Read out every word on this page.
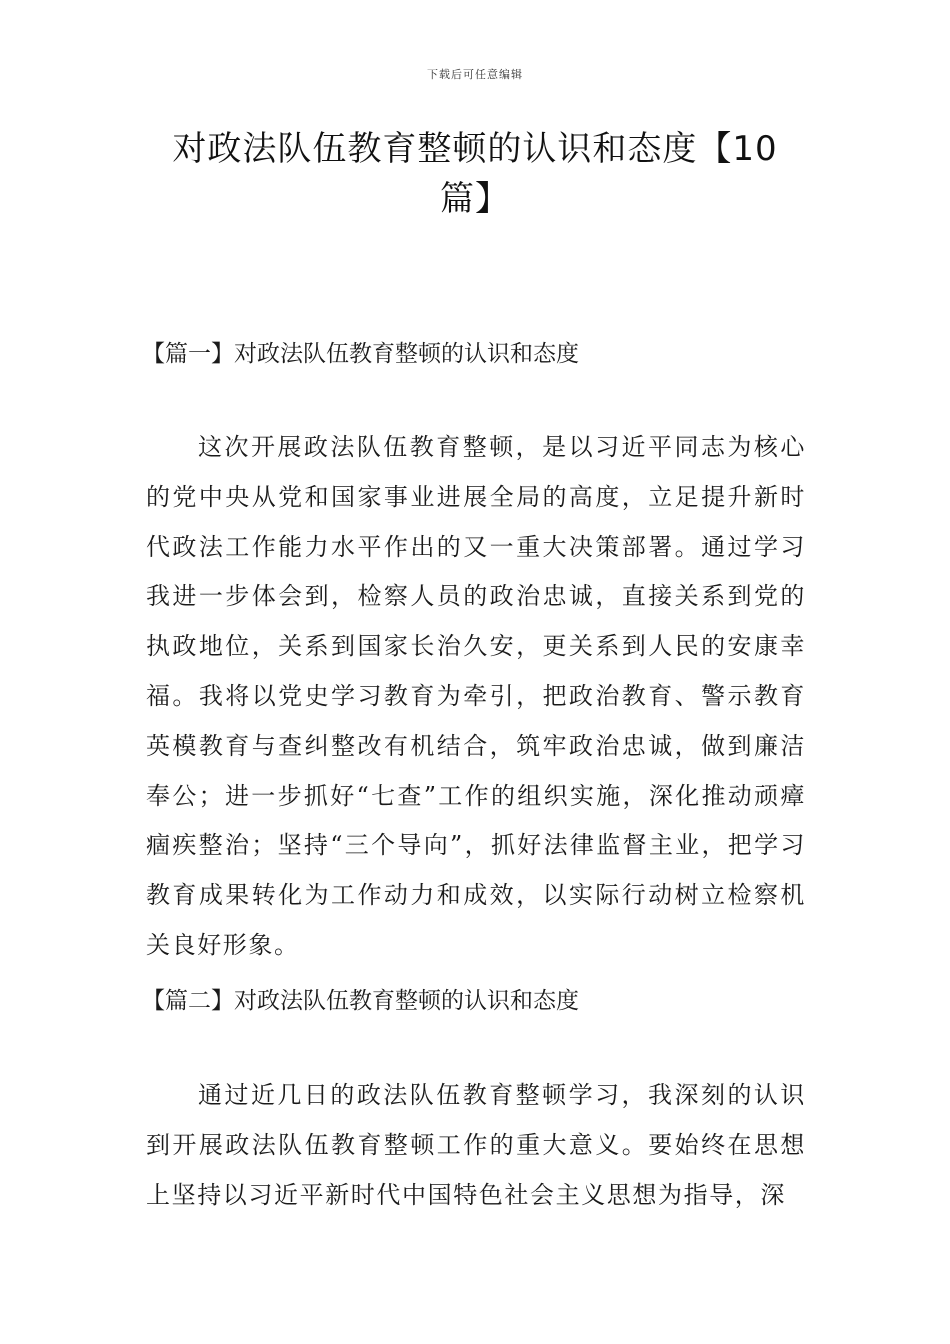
下载后可任意编辑
对政法队伍教育整顿的认识和态度【10篇】
【篇一】对政法队伍教育整顿的认识和态度
这次开展政法队伍教育整顿，是以习近平同志为核心的党中央从党和国家事业进展全局的高度，立足提升新时代政法工作能力水平作出的又一重大决策部署。通过学习我进一步体会到，检察人员的政治忠诚，直接关系到党的执政地位，关系到国家长治久安，更关系到人民的安康幸福。我将以党史学习教育为牵引，把政治教育、警示教育英模教育与查纠整改有机结合，筑牢政治忠诚，做到廉洁奉公；进一步抓好“七查”工作的组织实施，深化推动顽瘴痼疾整治；坚持“三个导向”，抓好法律监督主业，把学习教育成果转化为工作动力和成效，以实际行动树立检察机关良好形象。
【篇二】对政法队伍教育整顿的认识和态度
通过近几日的政法队伍教育整顿学习，我深刻的认识到开展政法队伍教育整顿工作的重大意义。要始终在思想上坚持以习近平新时代中国特色社会主义思想为指导，深
